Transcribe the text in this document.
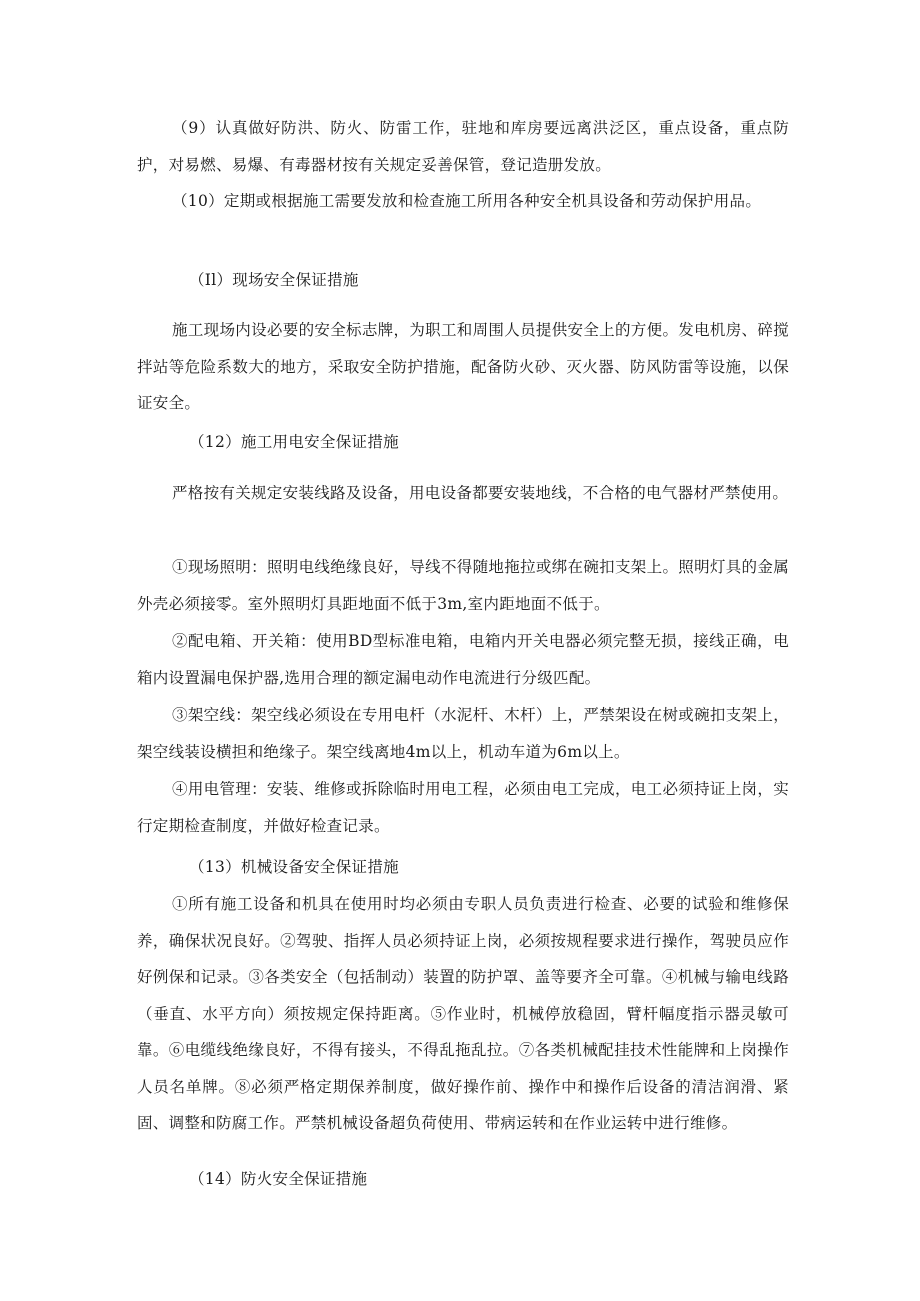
（9）认真做好防洪、防火、防雷工作，驻地和库房要远离洪泛区，重点设备，重点防护，对易燃、易爆、有毒器材按有关规定妥善保管，登记造册发放。

（10）定期或根据施工需要发放和检查施工所用各种安全机具设备和劳动保护用品。

（Il）现场安全保证措施

施工现场内设必要的安全标志牌，为职工和周围人员提供安全上的方便。发电机房、碎搅拌站等危险系数大的地方，采取安全防护措施，配备防火砂、灭火器、防风防雷等设施，以保证安全。

（12）施工用电安全保证措施

严格按有关规定安装线路及设备，用电设备都要安装地线，不合格的电气器材严禁使用。

①现场照明：照明电线绝缘良好，导线不得随地拖拉或绑在碗扣支架上。照明灯具的金属外壳必须接零。室外照明灯具距地面不低于3m,室内距地面不低于。

②配电箱、开关箱：使用BD型标准电箱，电箱内开关电器必须完整无损，接线正确，电箱内设置漏电保护器,选用合理的额定漏电动作电流进行分级匹配。

③架空线：架空线必须设在专用电杆（水泥杆、木杆）上，严禁架设在树或碗扣支架上，架空线装设横担和绝缘子。架空线离地4m以上，机动车道为6m以上。

④用电管理：安装、维修或拆除临时用电工程，必须由电工完成，电工必须持证上岗，实行定期检查制度，并做好检查记录。

（13）机械设备安全保证措施

①所有施工设备和机具在使用时均必须由专职人员负责进行检查、必要的试验和维修保养，确保状况良好。②驾驶、指挥人员必须持证上岗，必须按规程要求进行操作，驾驶员应作好例保和记录。③各类安全（包括制动）装置的防护罩、盖等要齐全可靠。④机械与输电线路（垂直、水平方向）须按规定保持距离。⑤作业时，机械停放稳固，臂杆幅度指示器灵敏可靠。⑥电缆线绝缘良好，不得有接头，不得乱拖乱拉。⑦各类机械配挂技术性能牌和上岗操作人员名单牌。⑧必须严格定期保养制度，做好操作前、操作中和操作后设备的清洁润滑、紧固、调整和防腐工作。严禁机械设备超负荷使用、带病运转和在作业运转中进行维修。

（14）防火安全保证措施
